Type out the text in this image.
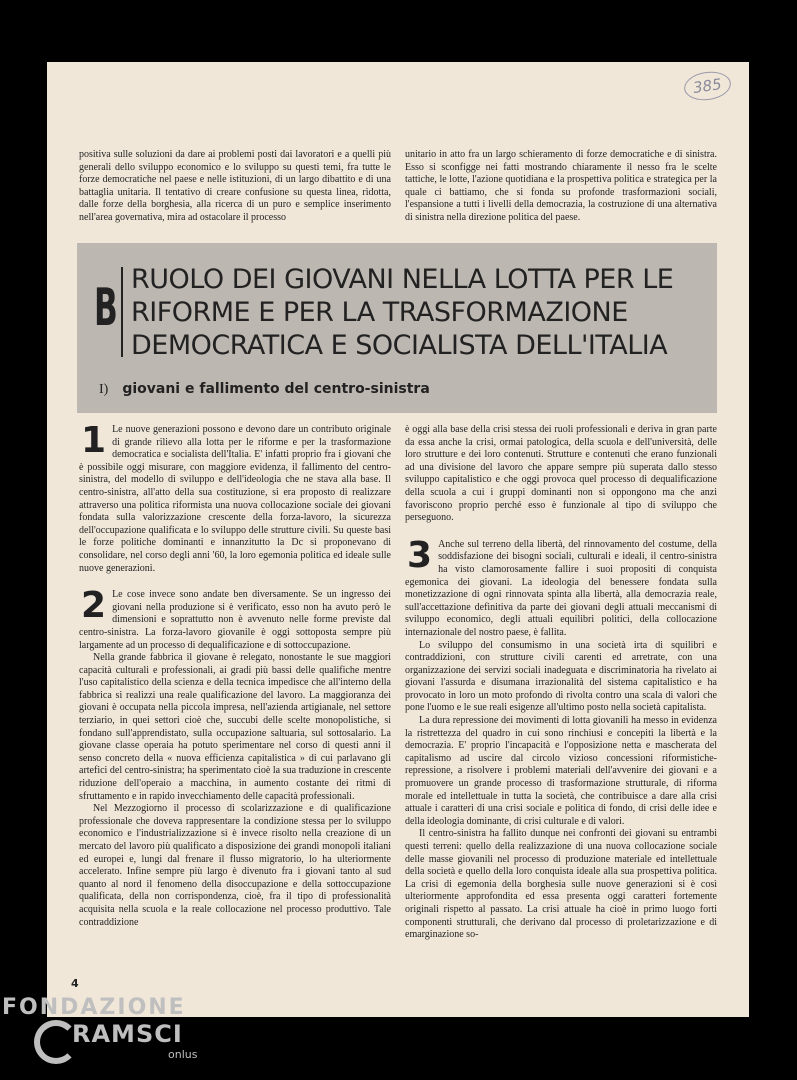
385

positiva sulle soluzioni da dare ai problemi posti dai lavoratori e a quelli più generali dello sviluppo economico e lo sviluppo su questi temi, fra tutte le forze democratiche nel paese e nelle istituzioni, di un largo dibattito e di una battaglia unitaria. Il tentativo di creare confusione su questa linea, ridotta, dalle forze della borghesia, alla ricerca di un puro e semplice inserimento nell'area governativa, mira ad ostacolare il processo

unitario in atto fra un largo schieramento di forze democratiche e di sinistra. Esso si sconfigge nei fatti mostrando chiaramente il nesso fra le scelte tattiche, le lotte, l'azione quotidiana e la prospettiva politica e strategica per la quale ci battiamo, che si fonda su profonde trasformazioni sociali, l'espansione a tutti i livelli della democrazia, la costruzione di una alternativa di sinistra nella direzione politica del paese.

B RUOLO DEI GIOVANI NELLA LOTTA PER LE
RIFORME E PER LA TRASFORMAZIONE
DEMOCRATICA E SOCIALISTA DELL'ITALIA
I) giovani e fallimento del centro-sinistra

1 Le nuove generazioni possono e devono dare un contributo originale di grande rilievo alla lotta per le riforme e per la trasformazione democratica e socialista dell'Italia. E' infatti proprio fra i giovani che è possibile oggi misurare, con maggiore evidenza, il fallimento del centro-sinistra, del modello di sviluppo e dell'ideologia che ne stava alla base. Il centro-sinistra, all'atto della sua costituzione, si era proposto di realizzare attraverso una politica riformista una nuova collocazione sociale dei giovani fondata sulla valorizzazione crescente della forza-lavoro, la sicurezza dell'occupazione qualificata e lo sviluppo delle strutture civili. Su queste basi le forze politiche dominanti e innanzitutto la Dc si proponevano di consolidare, nel corso degli anni '60, la loro egemonia politica ed ideale sulle nuove generazioni.

2 Le cose invece sono andate ben diversamente. Se un ingresso dei giovani nella produzione si è verificato, esso non ha avuto però le dimensioni e soprattutto non è avvenuto nelle forme previste dal centro-sinistra. La forza-lavoro giovanile è oggi sottoposta sempre più largamente ad un processo di dequalificazione e di sottoccupazione.

Nella grande fabbrica il giovane è relegato, nonostante le sue maggiori capacità culturali e professionali, ai gradi più bassi delle qualifiche mentre l'uso capitalistico della scienza e della tecnica impedisce che all'interno della fabbrica si realizzi una reale qualificazione del lavoro. La maggioranza dei giovani è occupata nella piccola impresa, nell'azienda artigianale, nel settore terziario, in quei settori cioè che, succubi delle scelte monopolistiche, si fondano sull'apprendistato, sulla occupazione saltuaria, sul sottosalario. La giovane classe operaia ha potuto sperimentare nel corso di questi anni il senso concreto della « nuova efficienza capitalistica » di cui parlavano gli artefici del centro-sinistra; ha sperimentato cioè la sua traduzione in crescente riduzione dell'operaio a macchina, in aumento costante dei ritmi di sfruttamento e in rapido invecchiamento delle capacità professionali.

Nel Mezzogiorno il processo di scolarizzazione e di qualificazione professionale che doveva rappresentare la condizione stessa per lo sviluppo economico e l'industrializzazione si è invece risolto nella creazione di un mercato del lavoro più qualificato a disposizione dei grandi monopoli italiani ed europei e, lungi dal frenare il flusso migratorio, lo ha ulteriormente accelerato. Infine sempre più largo è divenuto fra i giovani tanto al sud quanto al nord il fenomeno della disoccupazione e della sottoccupazione qualificata, della non corrispondenza, cioè, fra il tipo di professionalità acquisita nella scuola e la reale collocazione nel processo produttivo. Tale contraddizione

è oggi alla base della crisi stessa dei ruoli professionali e deriva in gran parte da essa anche la crisi, ormai patologica, della scuola e dell'università, delle loro strutture e dei loro contenuti. Strutture e contenuti che erano funzionali ad una divisione del lavoro che appare sempre più superata dallo stesso sviluppo capitalistico e che oggi provoca quel processo di dequalificazione della scuola a cui i gruppi dominanti non si oppongono ma che anzi favoriscono proprio perché esso è funzionale al tipo di sviluppo che perseguono.

3 Anche sul terreno della libertà, del rinnovamento del costume, della soddisfazione dei bisogni sociali, culturali e ideali, il centro-sinistra ha visto clamorosamente fallire i suoi propositi di conquista egemonica dei giovani. La ideologia del benessere fondata sulla monetizzazione di ogni rinnovata spinta alla libertà, alla democrazia reale, sull'accettazione definitiva da parte dei giovani degli attuali meccanismi di sviluppo economico, degli attuali equilibri politici, della collocazione internazionale del nostro paese, è fallita.

Lo sviluppo del consumismo in una società irta di squilibri e contraddizioni, con strutture civili carenti ed arretrate, con una organizzazione dei servizi sociali inadeguata e discriminatoria ha rivelato ai giovani l'assurda e disumana irrazionalità del sistema capitalistico e ha provocato in loro un moto profondo di rivolta contro una scala di valori che pone l'uomo e le sue reali esigenze all'ultimo posto nella società capitalista.

La dura repressione dei movimenti di lotta giovanili ha messo in evidenza la ristrettezza del quadro in cui sono rinchiusi e concepiti la libertà e la democrazia. E' proprio l'incapacità e l'opposizione netta e mascherata del capitalismo ad uscire dal circolo vizioso concessioni riformistiche-repressione, a risolvere i problemi materiali dell'avvenire dei giovani e a promuovere un grande processo di trasformazione strutturale, di riforma morale ed intellettuale in tutta la società, che contribuisce a dare alla crisi attuale i caratteri di una crisi sociale e politica di fondo, di crisi delle idee e della ideologia dominante, di crisi culturale e di valori.

Il centro-sinistra ha fallito dunque nei confronti dei giovani su entrambi questi terreni: quello della realizzazione di una nuova collocazione sociale delle masse giovanili nel processo di produzione materiale ed intellettuale della società e quello della loro conquista ideale alla sua prospettiva politica. La crisi di egemonia della borghesia sulle nuove generazioni si è così ulteriormente approfondita ed essa presenta oggi caratteri fortemente originali rispetto al passato. La crisi attuale ha cioè in primo luogo forti componenti strutturali, che derivano dal processo di proletarizzazione e di emarginazione so-

4
FONDAZIONE
RAMSCI
onlus
